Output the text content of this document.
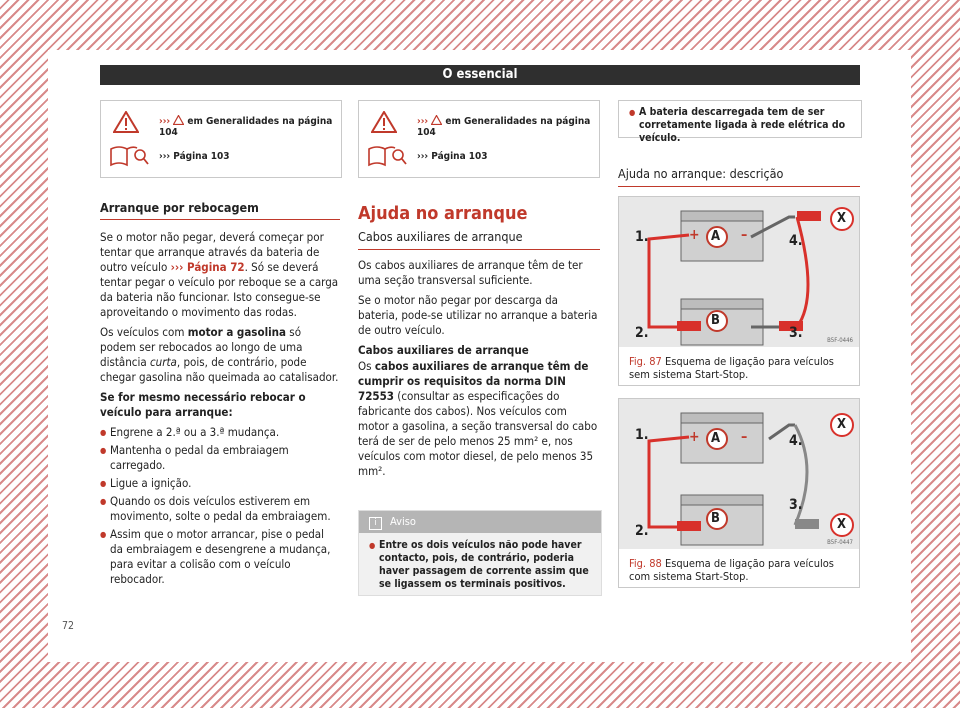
O essencial
›››  em Generalidades na página 104
››› Página 103
›››  em Generalidades na página 104
››› Página 103
Arranque por rebocagem

Se o motor não pegar, deverá começar por tentar que arranque através da bateria de outro veículo ››› Página 72. Só se deverá tentar pegar o veículo por reboque se a carga da bateria não funcionar. Isto consegue-se aproveitando o movimento das rodas.

Os veículos com motor a gasolina só podem ser rebocados ao longo de uma distância curta, pois, de contrário, pode chegar gasolina não queimada ao catalisador.

Se for mesmo necessário rebocar o veículo para arranque:

● Engrene a 2.ª ou a 3.ª mudança.
● Mantenha o pedal da embraiagem carregado.
● Ligue a ignição.
● Quando os dois veículos estiverem em movimento, solte o pedal da embraiagem.
● Assim que o motor arrancar, pise o pedal da embraiagem e desengrene a mudança, para evitar a colisão com o veículo rebocador.
Ajuda no arranque
Cabos auxiliares de arranque

Os cabos auxiliares de arranque têm de ter uma seção transversal suficiente.

Se o motor não pegar por descarga da bateria, pode-se utilizar no arranque a bateria de outro veículo.

Cabos auxiliares de arranque

Os cabos auxiliares de arranque têm de cumprir os requisitos da norma DIN 72553 (consultar as especificações do fabricante dos cabos). Nos veículos com motor a gasolina, a seção transversal do cabo terá de ser de pelo menos 25 mm² e, nos veículos com motor diesel, de pelo menos 35 mm².

i Aviso
● Entre os dois veículos não pode haver contacto, pois, de contrário, poderia haver passagem de corrente assim que se ligassem os terminais positivos.
● A bateria descarregada tem de ser corretamente ligada à rede elétrica do veículo.
Ajuda no arranque: descrição
1.
2.	3.
4.
A
B
X
+	–
B5F-0446
Fig. 87 Esquema de ligação para veículos sem sistema Start-Stop.
1.
2.
3.
4.
A
B
X
X
+	–
B5F-0447
Fig. 88 Esquema de ligação para veículos com sistema Start-Stop.
72
